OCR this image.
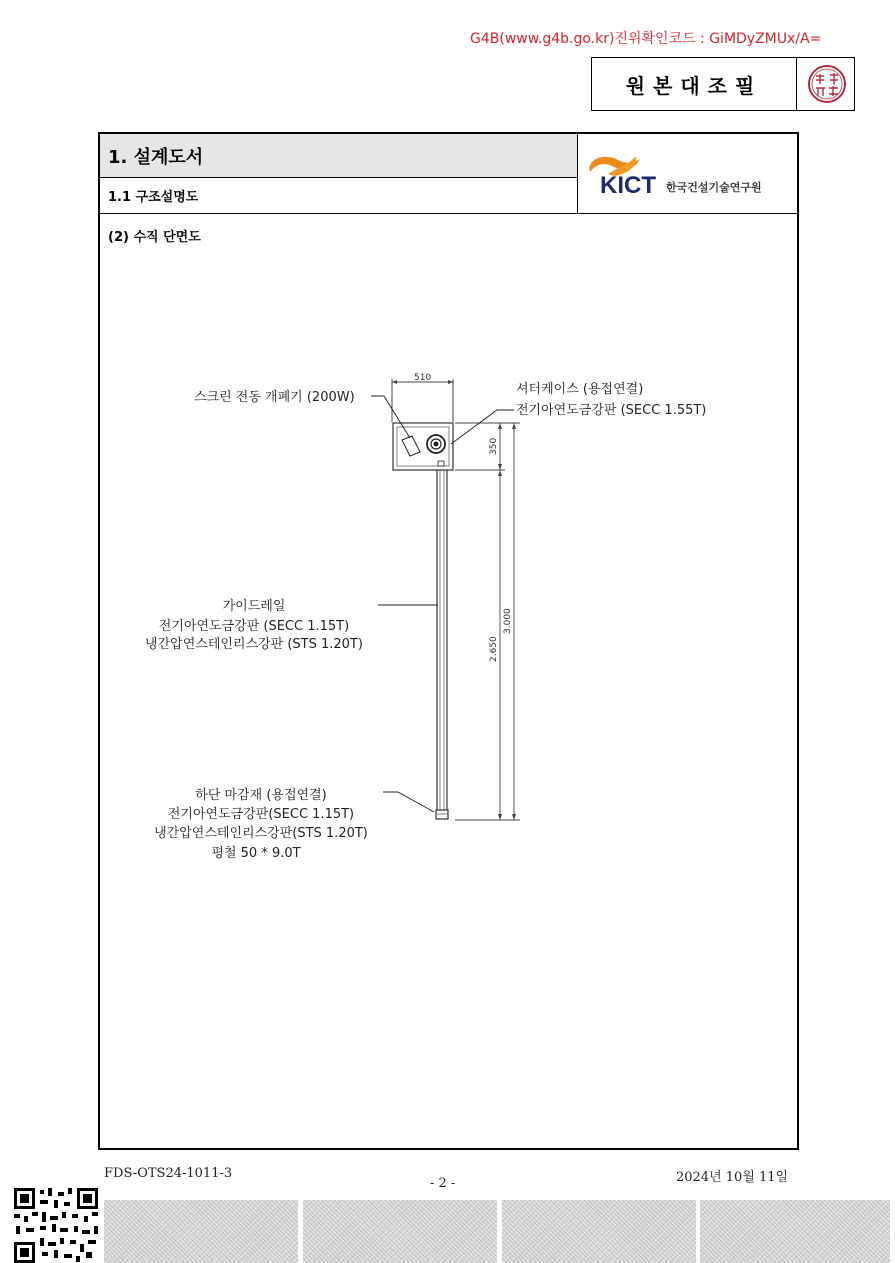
G4B(www.g4b.go.kr)진위확인코드 : GiMDyZMUx/A=
원본대조필
1. 설계도서
1.1 구조설명도	KICT 한국건설기술연구원
(2) 수직 단면도
510
350
2.650
3.000
스크린 전동 개폐기 (200W)
셔터케이스 (용접연결)
전기아연도금강판 (SECC 1.55T)
가이드레일
전기아연도금강판 (SECC 1.15T)
냉간압연스테인리스강판 (STS 1.20T)
하단 마감재 (용접연결)
전기아연도금강판(SECC 1.15T)
냉간압연스테인리스강판(STS 1.20T)
평철 50 * 9.0T
FDS-OTS24-1011-3
- 2 -	2024년 10월 11일
